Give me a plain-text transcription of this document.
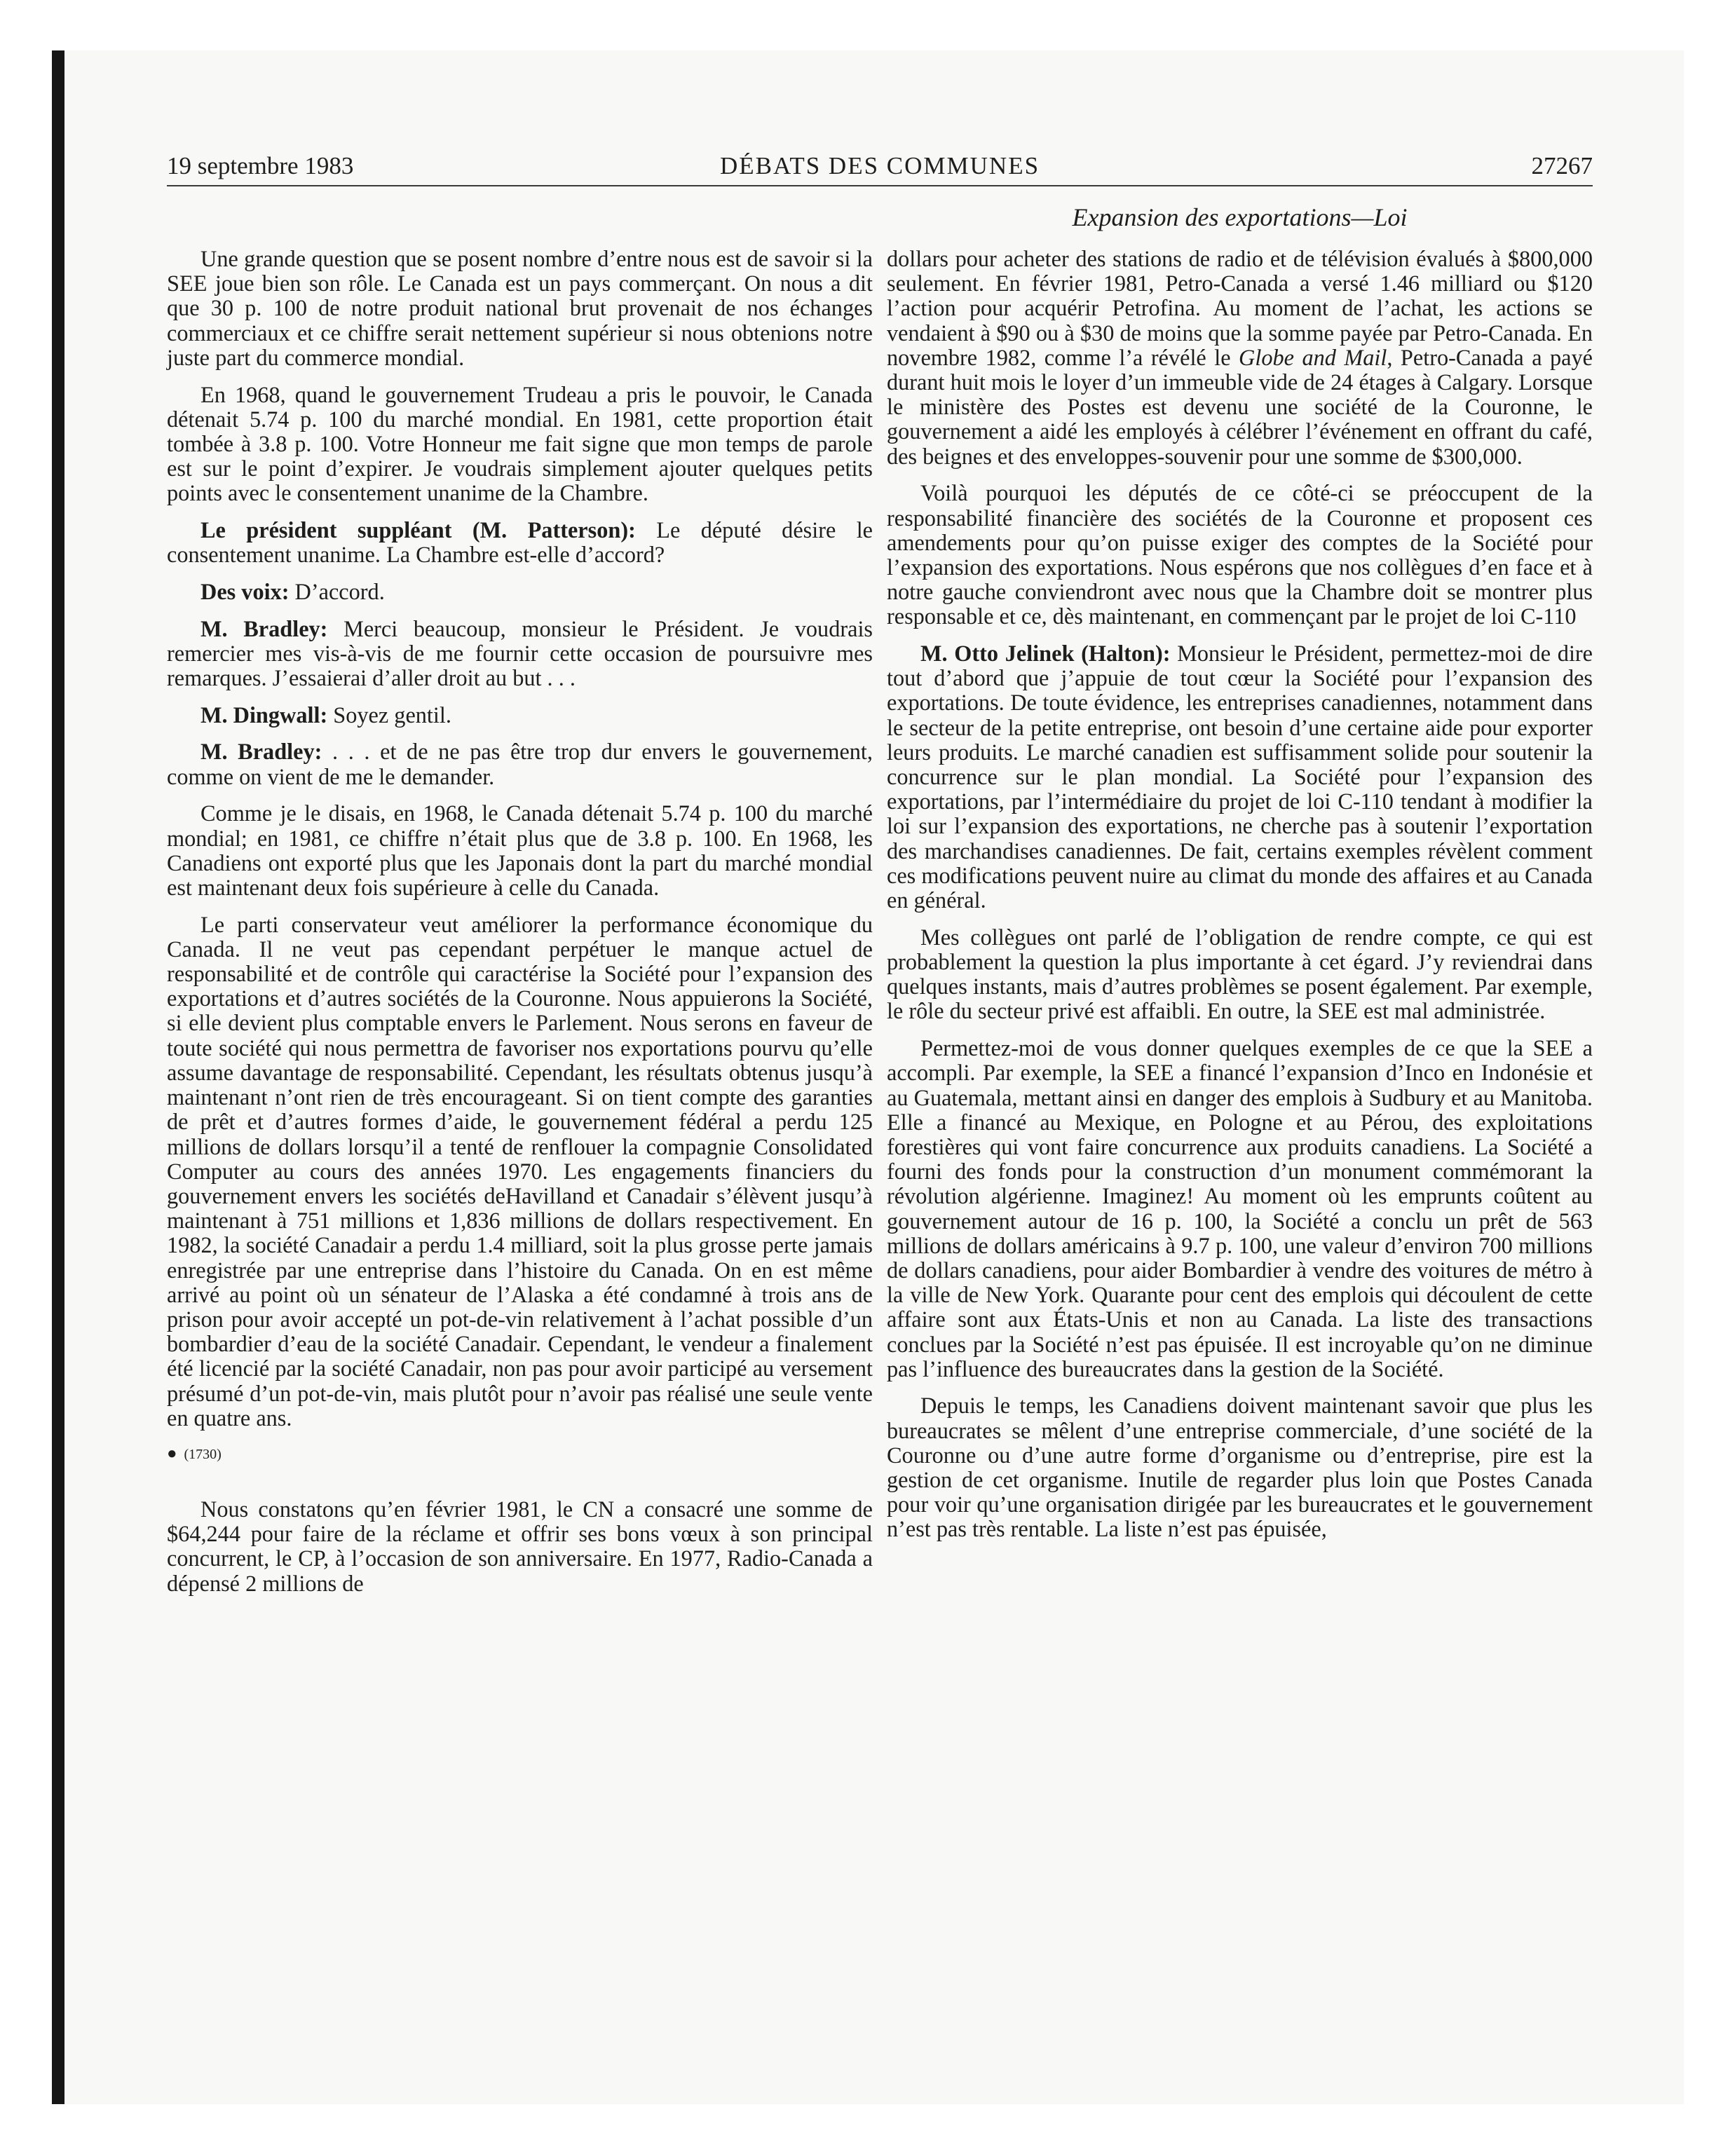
19 septembre 1983	DÉBATS DES COMMUNES	27267
Expansion des exportations—Loi

Une grande question que se posent nombre d’entre nous est de savoir si la SEE joue bien son rôle. Le Canada est un pays commerçant. On nous a dit que 30 p. 100 de notre produit national brut provenait de nos échanges commerciaux et ce chiffre serait nettement supérieur si nous obtenions notre juste part du commerce mondial.

En 1968, quand le gouvernement Trudeau a pris le pouvoir, le Canada détenait 5.74 p. 100 du marché mondial. En 1981, cette proportion était tombée à 3.8 p. 100. Votre Honneur me fait signe que mon temps de parole est sur le point d’expirer. Je voudrais simplement ajouter quelques petits points avec le consentement unanime de la Chambre.

Le président suppléant (M. Patterson): Le député désire le consentement unanime. La Chambre est-elle d’accord?

Des voix: D’accord.

M. Bradley: Merci beaucoup, monsieur le Président. Je voudrais remercier mes vis-à-vis de me fournir cette occasion de poursuivre mes remarques. J’essaierai d’aller droit au but . . .

M. Dingwall: Soyez gentil.

M. Bradley: . . . et de ne pas être trop dur envers le gouvernement, comme on vient de me le demander.

Comme je le disais, en 1968, le Canada détenait 5.74 p. 100 du marché mondial; en 1981, ce chiffre n’était plus que de 3.8 p. 100. En 1968, les Canadiens ont exporté plus que les Japonais dont la part du marché mondial est maintenant deux fois supérieure à celle du Canada.

Le parti conservateur veut améliorer la performance économique du Canada. Il ne veut pas cependant perpétuer le manque actuel de responsabilité et de contrôle qui caractérise la Société pour l’expansion des exportations et d’autres sociétés de la Couronne. Nous appuierons la Société, si elle devient plus comptable envers le Parlement. Nous serons en faveur de toute société qui nous permettra de favoriser nos exportations pourvu qu’elle assume davantage de responsabilité. Cependant, les résultats obtenus jusqu’à maintenant n’ont rien de très encourageant. Si on tient compte des garanties de prêt et d’autres formes d’aide, le gouvernement fédéral a perdu 125 millions de dollars lorsqu’il a tenté de renflouer la compagnie Consolidated Computer au cours des années 1970. Les engagements financiers du gouvernement envers les sociétés deHavilland et Canadair s’élèvent jusqu’à maintenant à 751 millions et 1,836 millions de dollars respectivement. En 1982, la société Canadair a perdu 1.4 milliard, soit la plus grosse perte jamais enregistrée par une entreprise dans l’histoire du Canada. On en est même arrivé au point où un sénateur de l’Alaska a été condamné à trois ans de prison pour avoir accepté un pot-de-vin relativement à l’achat possible d’un bombardier d’eau de la société Canadair. Cependant, le vendeur a finalement été licencié par la société Canadair, non pas pour avoir participé au versement présumé d’un pot-de-vin, mais plutôt pour n’avoir pas réalisé une seule vente en quatre ans.

● (1730)

Nous constatons qu’en février 1981, le CN a consacré une somme de $64,244 pour faire de la réclame et offrir ses bons vœux à son principal concurrent, le CP, à l’occasion de son anniversaire. En 1977, Radio-Canada a dépensé 2 millions de

dollars pour acheter des stations de radio et de télévision évalués à $800,000 seulement. En février 1981, Petro-Canada a versé 1.46 milliard ou $120 l’action pour acquérir Petrofina. Au moment de l’achat, les actions se vendaient à $90 ou à $30 de moins que la somme payée par Petro-Canada. En novembre 1982, comme l’a révélé le Globe and Mail, Petro-Canada a payé durant huit mois le loyer d’un immeuble vide de 24 étages à Calgary. Lorsque le ministère des Postes est devenu une société de la Couronne, le gouvernement a aidé les employés à célébrer l’événement en offrant du café, des beignes et des enveloppes-souvenir pour une somme de $300,000.

Voilà pourquoi les députés de ce côté-ci se préoccupent de la responsabilité financière des sociétés de la Couronne et proposent ces amendements pour qu’on puisse exiger des comptes de la Société pour l’expansion des exportations. Nous espérons que nos collègues d’en face et à notre gauche conviendront avec nous que la Chambre doit se montrer plus responsable et ce, dès maintenant, en commençant par le projet de loi C-110

M. Otto Jelinek (Halton): Monsieur le Président, permettez-moi de dire tout d’abord que j’appuie de tout cœur la Société pour l’expansion des exportations. De toute évidence, les entreprises canadiennes, notamment dans le secteur de la petite entreprise, ont besoin d’une certaine aide pour exporter leurs produits. Le marché canadien est suffisamment solide pour soutenir la concurrence sur le plan mondial. La Société pour l’expansion des exportations, par l’intermédiaire du projet de loi C-110 tendant à modifier la loi sur l’expansion des exportations, ne cherche pas à soutenir l’exportation des marchandises canadiennes. De fait, certains exemples révèlent comment ces modifications peuvent nuire au climat du monde des affaires et au Canada en général.

Mes collègues ont parlé de l’obligation de rendre compte, ce qui est probablement la question la plus importante à cet égard. J’y reviendrai dans quelques instants, mais d’autres problèmes se posent également. Par exemple, le rôle du secteur privé est affaibli. En outre, la SEE est mal administrée.

Permettez-moi de vous donner quelques exemples de ce que la SEE a accompli. Par exemple, la SEE a financé l’expansion d’Inco en Indonésie et au Guatemala, mettant ainsi en danger des emplois à Sudbury et au Manitoba. Elle a financé au Mexique, en Pologne et au Pérou, des exploitations forestières qui vont faire concurrence aux produits canadiens. La Société a fourni des fonds pour la construction d’un monument commémorant la révolution algérienne. Imaginez! Au moment où les emprunts coûtent au gouvernement autour de 16 p. 100, la Société a conclu un prêt de 563 millions de dollars américains à 9.7 p. 100, une valeur d’environ 700 millions de dollars canadiens, pour aider Bombardier à vendre des voitures de métro à la ville de New York. Quarante pour cent des emplois qui découlent de cette affaire sont aux États-Unis et non au Canada. La liste des transactions conclues par la Société n’est pas épuisée. Il est incroyable qu’on ne diminue pas l’influence des bureaucrates dans la gestion de la Société.

Depuis le temps, les Canadiens doivent maintenant savoir que plus les bureaucrates se mêlent d’une entreprise commerciale, d’une société de la Couronne ou d’une autre forme d’organisme ou d’entreprise, pire est la gestion de cet organisme. Inutile de regarder plus loin que Postes Canada pour voir qu’une organisation dirigée par les bureaucrates et le gouvernement n’est pas très rentable. La liste n’est pas épuisée,
